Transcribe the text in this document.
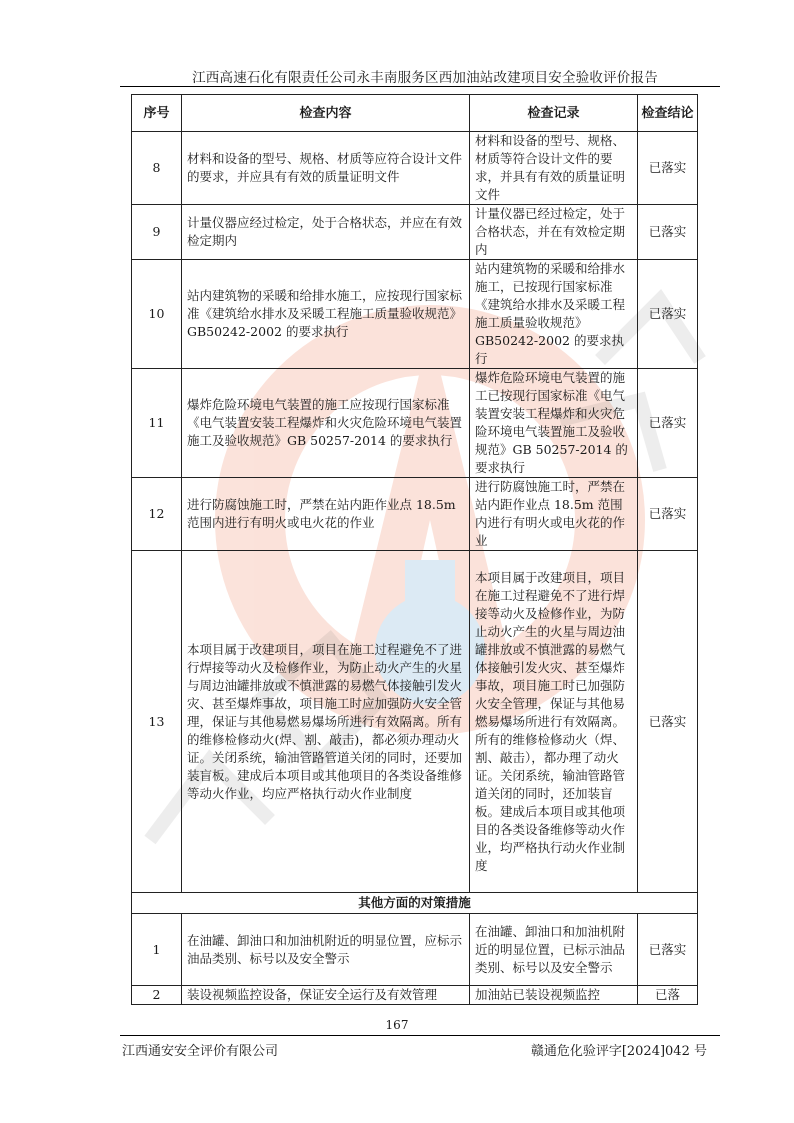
江西高速石化有限责任公司永丰南服务区西加油站改建项目安全验收评价报告
序号	检查内容	检查记录	检查结论
8	材料和设备的型号、规格、材质等应符合设计文件的要求，并应具有有效的质量证明文件	材料和设备的型号、规格、材质等符合设计文件的要求，并具有有效的质量证明文件	已落实
9	计量仪器应经过检定，处于合格状态，并应在有效检定期内	计量仪器已经过检定，处于合格状态，并在有效检定期内	已落实
10	站内建筑物的采暖和给排水施工，应按现行国家标准《建筑给水排水及采暖工程施工质量验收规范》GB50242-2002 的要求执行	站内建筑物的采暖和给排水施工，已按现行国家标准《建筑给水排水及采暖工程施工质量验收规范》GB50242-2002 的要求执行	已落实
11	爆炸危险环境电气装置的施工应按现行国家标准《电气装置安装工程爆炸和火灾危险环境电气装置施工及验收规范》GB 50257-2014 的要求执行	爆炸危险环境电气装置的施工已按现行国家标准《电气装置安装工程爆炸和火灾危险环境电气装置施工及验收规范》GB 50257-2014 的要求执行	已落实
12	进行防腐蚀施工时，严禁在站内距作业点 18.5m 范围内进行有明火或电火花的作业	进行防腐蚀施工时，严禁在站内距作业点 18.5m 范围内进行有明火或电火花的作业	已落实
13	本项目属于改建项目，项目在施工过程避免不了进行焊接等动火及检修作业，为防止动火产生的火星与周边油罐排放或不慎泄露的易燃气体接触引发火灾、甚至爆炸事故，项目施工时应加强防火安全管理，保证与其他易燃易爆场所进行有效隔离。所有的维修检修动火(焊、割、敲击)，都必须办理动火证。关闭系统，输油管路管道关闭的同时，还要加装盲板。建成后本项目或其他项目的各类设备维修等动火作业，均应严格执行动火作业制度	本项目属于改建项目，项目在施工过程避免不了进行焊接等动火及检修作业，为防止动火产生的火星与周边油罐排放或不慎泄露的易燃气体接触引发火灾、甚至爆炸事故，项目施工时已加强防火安全管理，保证与其他易燃易爆场所进行有效隔离。所有的维修检修动火（焊、割、敲击），都办理了动火证。关闭系统，输油管路管道关闭的同时，还加装盲板。建成后本项目或其他项目的各类设备维修等动火作业，均严格执行动火作业制度	已落实
其他方面的对策措施			
1	在油罐、卸油口和加油机附近的明显位置，应标示油品类别、标号以及安全警示	在油罐、卸油口和加油机附近的明显位置，已标示油品类别、标号以及安全警示	已落实
2	装设视频监控设备，保证安全运行及有效管理	加油站已装设视频监控	已落
167
江西通安安全评价有限公司	赣通危化验评字[2024]042 号
